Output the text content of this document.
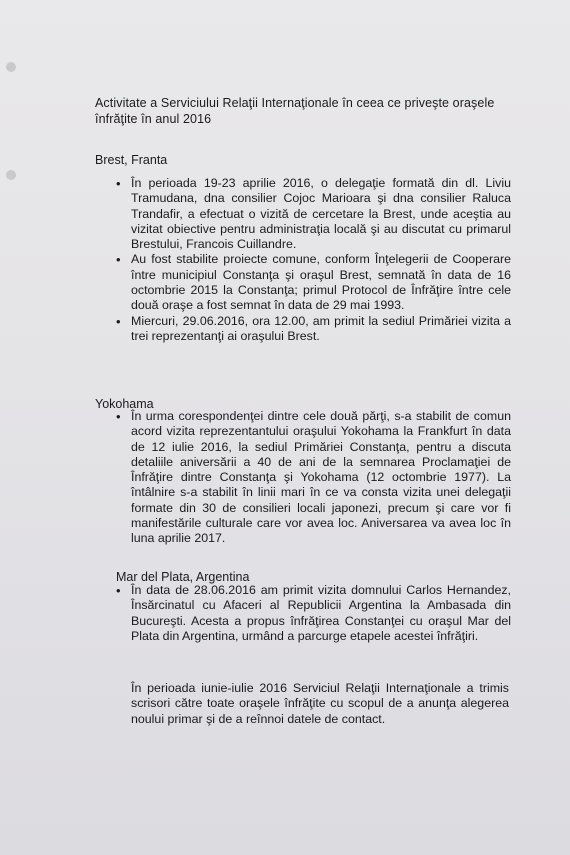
Activitate a Serviciului Relaţii Internaţionale în ceea ce priveşte oraşele înfrăţite în anul 2016
Brest, Franta
• În perioada 19-23 aprilie 2016, o delegaţie formată din dl. Liviu Tramudana, dna consilier Cojoc Marioara şi dna consilier Raluca Trandafir, a efectuat o vizită de cercetare la Brest, unde aceştia au vizitat obiective pentru administraţia locală şi au discutat cu primarul Brestului, Francois Cuillandre.
• Au fost stabilite proiecte comune, conform Înţelegerii de Cooperare între municipiul Constanţa şi oraşul Brest, semnată în data de 16 octombrie 2015 la Constanţa; primul Protocol de Înfrăţire între cele două oraşe a fost semnat în data de 29 mai 1993.
• Miercuri, 29.06.2016, ora 12.00, am primit la sediul Primăriei vizita a trei reprezentanţi ai oraşului Brest.
Yokohama
• În urma corespondenţei dintre cele două părţi, s-a stabilit de comun acord vizita reprezentantului oraşului Yokohama la Frankfurt în data de 12 iulie 2016, la sediul Primăriei Constanţa, pentru a discuta detaliile aniversării a 40 de ani de la semnarea Proclamaţiei de Înfrăţire dintre Constanţa şi Yokohama (12 octombrie 1977). La întâlnire s-a stabilit în linii mari în ce va consta vizita unei delegaţii formate din 30 de consilieri locali japonezi, precum şi care vor fi manifestările culturale care vor avea loc. Aniversarea va avea loc în luna aprilie 2017.
Mar del Plata, Argentina
• În data de 28.06.2016 am primit vizita domnului Carlos Hernandez, Însărcinatul cu Afaceri al Republicii Argentina la Ambasada din Bucureşti. Acesta a propus înfrăţirea Constanţei cu oraşul Mar del Plata din Argentina, urmând a parcurge etapele acestei înfrăţiri.
În perioada iunie-iulie 2016 Serviciul Relaţii Internaţionale a trimis scrisori către toate oraşele înfrăţite cu scopul de a anunţa alegerea noului primar şi de a reînnoi datele de contact.
